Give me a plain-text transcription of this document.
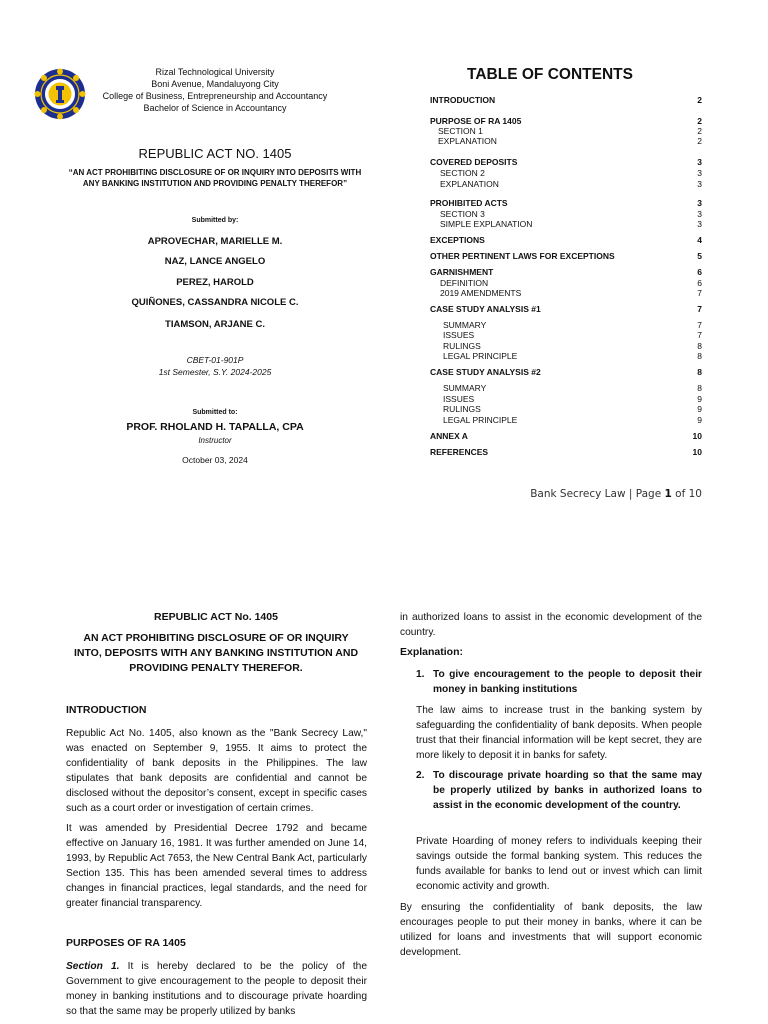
Rizal Technological University
Boni Avenue, Mandaluyong City
College of Business, Entrepreneurship and Accountancy
Bachelor of Science in Accountancy
REPUBLIC ACT NO. 1405
“AN ACT PROHIBITING DISCLOSURE OF OR INQUIRY INTO DEPOSITS WITH
ANY BANKING INSTITUTION AND PROVIDING PENALTY THEREFOR”
Submitted by:
APROVECHAR, MARIELLE M.
NAZ, LANCE ANGELO
PEREZ, HAROLD
QUIÑONES, CASSANDRA NICOLE C.
TIAMSON, ARJANE C.
CBET-01-901P
1st Semester, S.Y. 2024-2025
Submitted to:
PROF. RHOLAND H. TAPALLA, CPA
Instructor
October 03, 2024
TABLE OF CONTENTS
INTRODUCTION	2
PURPOSE OF RA 1405	2
SECTION 1	2
EXPLANATION	2
COVERED DEPOSITS	3
SECTION 2	3
EXPLANATION	3
PROHIBITED ACTS	3
SECTION 3	3
SIMPLE EXPLANATION	3
EXCEPTIONS	4
OTHER PERTINENT LAWS FOR EXCEPTIONS	5
GARNISHMENT	6
DEFINITION	6
2019 AMENDMENTS	7
CASE STUDY ANALYSIS #1	7
SUMMARY	7
ISSUES	7
RULINGS	8
LEGAL PRINCIPLE	8
CASE STUDY ANALYSIS #2	8
SUMMARY	8
ISSUES	9
RULINGS	9
LEGAL PRINCIPLE	9
ANNEX A	10
REFERENCES	10
Bank Secrecy Law | Page 1 of 10
REPUBLIC ACT No. 1405
AN ACT PROHIBITING DISCLOSURE OF OR INQUIRY
INTO, DEPOSITS WITH ANY BANKING INSTITUTION AND
PROVIDING PENALTY THEREFOR.
INTRODUCTION
Republic Act No. 1405, also known as the "Bank Secrecy Law," was enacted on September 9, 1955. It aims to protect the confidentiality of bank deposits in the Philippines. The law stipulates that bank deposits are confidential and cannot be disclosed without the depositor’s consent, except in specific cases such as a court order or investigation of certain crimes.
It was amended by Presidential Decree 1792 and became effective on January 16, 1981. It was further amended on June 14, 1993, by Republic Act 7653, the New Central Bank Act, particularly Section 135. This has been amended several times to address changes in financial practices, legal standards, and the need for greater financial transparency.
PURPOSES OF RA 1405
Section 1. It is hereby declared to be the policy of the Government to give encouragement to the people to deposit their money in banking institutions and to discourage private hoarding so that the same may be properly utilized by banks
in authorized loans to assist in the economic development of the country.
Explanation:
1. To give encouragement to the people to deposit their money in banking institutions
The law aims to increase trust in the banking system by safeguarding the confidentiality of bank deposits. When people trust that their financial information will be kept secret, they are more likely to deposit it in banks for safety.
2. To discourage private hoarding so that the same may be properly utilized by banks in authorized loans to assist in the economic development of the country.
Private Hoarding of money refers to individuals keeping their savings outside the formal banking system. This reduces the funds available for banks to lend out or invest which can limit economic activity and growth.
By ensuring the confidentiality of bank deposits, the law encourages people to put their money in banks, where it can be utilized for loans and investments that will support economic development.
